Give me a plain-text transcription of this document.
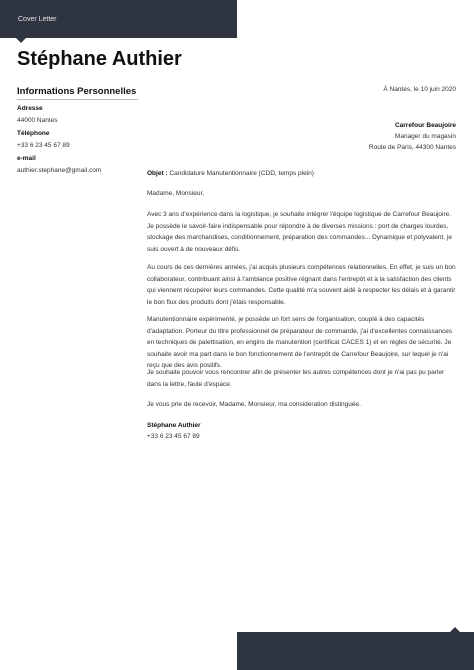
Cover Letter
Stéphane Authier
Informations Personnelles
Adresse
44000 Nantes
Téléphone
+33 6 23 45 67 89
e-mail
authier.stephane@gmail.com
À Nantes, le 10 juin 2020
Carrefour Beaujoire
Manager du magasin
Route de Paris, 44300 Nantes
Objet : Candidature Manutentionnaire (CDD, temps plein)
Madame, Monsieur,
Avec 3 ans d'expérience dans la logistique, je souhaite intégrer l'équipe logistique de Carrefour Beaujoire. Je possède le savoir-faire indispensable pour répondre à de diverses missions : port de charges lourdes, stockage des marchandises, conditionnement, préparation des commandes... Dynamique et polyvalent, je suis ouvert à de nouveaux défis.
Au cours de ces dernières années, j'ai acquis plusieurs compétences relationnelles. En effet, je suis un bon collaborateur, contribuant ainsi à l'ambiance positive régnant dans l'entrepôt et à la satisfaction des clients qui viennent récupérer leurs commandes. Cette qualité m'a souvent aidé à respecter les délais et à garantir le bon flux des produits dont j'étais responsable.
Manutentionnaire expérimenté, je possède un fort sens de l'organisation, couplé à des capacités d'adaptation. Porteur du titre professionnel de préparateur de commande, j'ai d'excellentes connaissances en techniques de palettisation, en engins de manutention (certificat CACES 1) et en règles de sécurité. Je souhaite avoir ma part dans le bon fonctionnement de l'entrepôt de Carrefour Beaujoire, sur lequel je n'ai reçu que des avis positifs.
Je souhaite pouvoir vous rencontrer afin de présenter les autres compétences dont je n'ai pas pu parler dans la lettre, faute d'espace.
Je vous prie de recevoir, Madame, Monsieur, ma considération distinguée.
Stéphane Authier
+33 6 23 45 67 89
